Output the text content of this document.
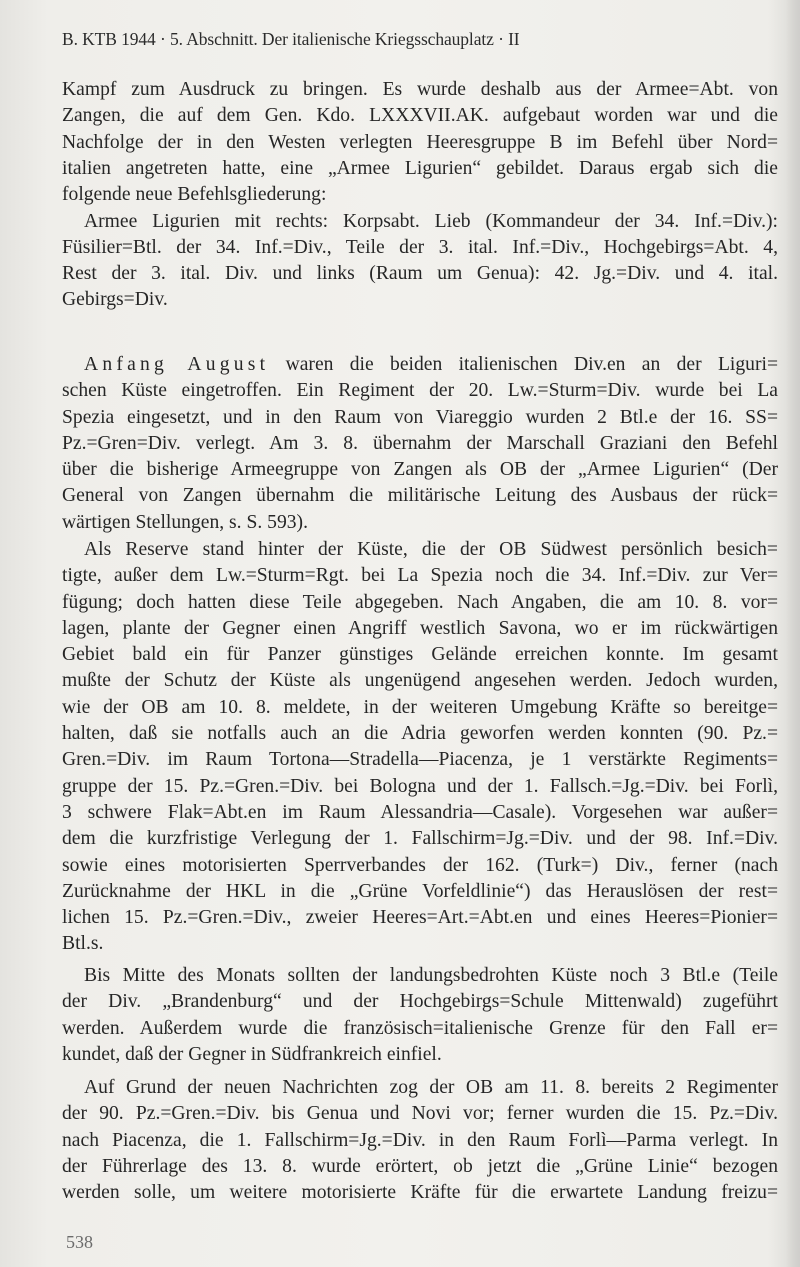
B. KTB 1944 · 5. Abschnitt. Der italienische Kriegsschauplatz · II
Kampf zum Ausdruck zu bringen. Es wurde deshalb aus der Armee=Abt. von
Zangen, die auf dem Gen. Kdo. LXXXVII.AK. aufgebaut worden war und die
Nachfolge der in den Westen verlegten Heeresgruppe B im Befehl über Nord=
italien angetreten hatte, eine „Armee Ligurien“ gebildet. Daraus ergab sich die
folgende neue Befehlsgliederung:
Armee Ligurien mit rechts: Korpsabt. Lieb (Kommandeur der 34. Inf.=Div.):
Füsilier=Btl. der 34. Inf.=Div., Teile der 3. ital. Inf.=Div., Hochgebirgs=Abt. 4,
Rest der 3. ital. Div. und links (Raum um Genua): 42. Jg.=Div. und 4. ital.
Gebirgs=Div.
Anfang August waren die beiden italienischen Div.en an der Liguri=
schen Küste eingetroffen. Ein Regiment der 20. Lw.=Sturm=Div. wurde bei La
Spezia eingesetzt, und in den Raum von Viareggio wurden 2 Btl.e der 16. SS=
Pz.=Gren=Div. verlegt. Am 3. 8. übernahm der Marschall Graziani den Befehl
über die bisherige Armeegruppe von Zangen als OB der „Armee Ligurien“ (Der
General von Zangen übernahm die militärische Leitung des Ausbaus der rück=
wärtigen Stellungen, s. S. 593).
Als Reserve stand hinter der Küste, die der OB Südwest persönlich besich=
tigte, außer dem Lw.=Sturm=Rgt. bei La Spezia noch die 34. Inf.=Div. zur Ver=
fügung; doch hatten diese Teile abgegeben. Nach Angaben, die am 10. 8. vor=
lagen, plante der Gegner einen Angriff westlich Savona, wo er im rückwärtigen
Gebiet bald ein für Panzer günstiges Gelände erreichen konnte. Im gesamt
mußte der Schutz der Küste als ungenügend angesehen werden. Jedoch wurden,
wie der OB am 10. 8. meldete, in der weiteren Umgebung Kräfte so bereitge=
halten, daß sie notfalls auch an die Adria geworfen werden konnten (90. Pz.=
Gren.=Div. im Raum Tortona—Stradella—Piacenza, je 1 verstärkte Regiments=
gruppe der 15. Pz.=Gren.=Div. bei Bologna und der 1. Fallsch.=Jg.=Div. bei Forlì,
3 schwere Flak=Abt.en im Raum Alessandria—Casale). Vorgesehen war außer=
dem die kurzfristige Verlegung der 1. Fallschirm=Jg.=Div. und der 98. Inf.=Div.
sowie eines motorisierten Sperrverbandes der 162. (Turk=) Div., ferner (nach
Zurücknahme der HKL in die „Grüne Vorfeldlinie“) das Herauslösen der rest=
lichen 15. Pz.=Gren.=Div., zweier Heeres=Art.=Abt.en und eines Heeres=Pionier=
Btl.s.
Bis Mitte des Monats sollten der landungsbedrohten Küste noch 3 Btl.e (Teile
der Div. „Brandenburg“ und der Hochgebirgs=Schule Mittenwald) zugeführt
werden. Außerdem wurde die französisch=italienische Grenze für den Fall er=
kundet, daß der Gegner in Südfrankreich einfiel.
Auf Grund der neuen Nachrichten zog der OB am 11. 8. bereits 2 Regimenter
der 90. Pz.=Gren.=Div. bis Genua und Novi vor; ferner wurden die 15. Pz.=Div.
nach Piacenza, die 1. Fallschirm=Jg.=Div. in den Raum Forlì—Parma verlegt. In
der Führerlage des 13. 8. wurde erörtert, ob jetzt die „Grüne Linie“ bezogen
werden solle, um weitere motorisierte Kräfte für die erwartete Landung freizu=
538
